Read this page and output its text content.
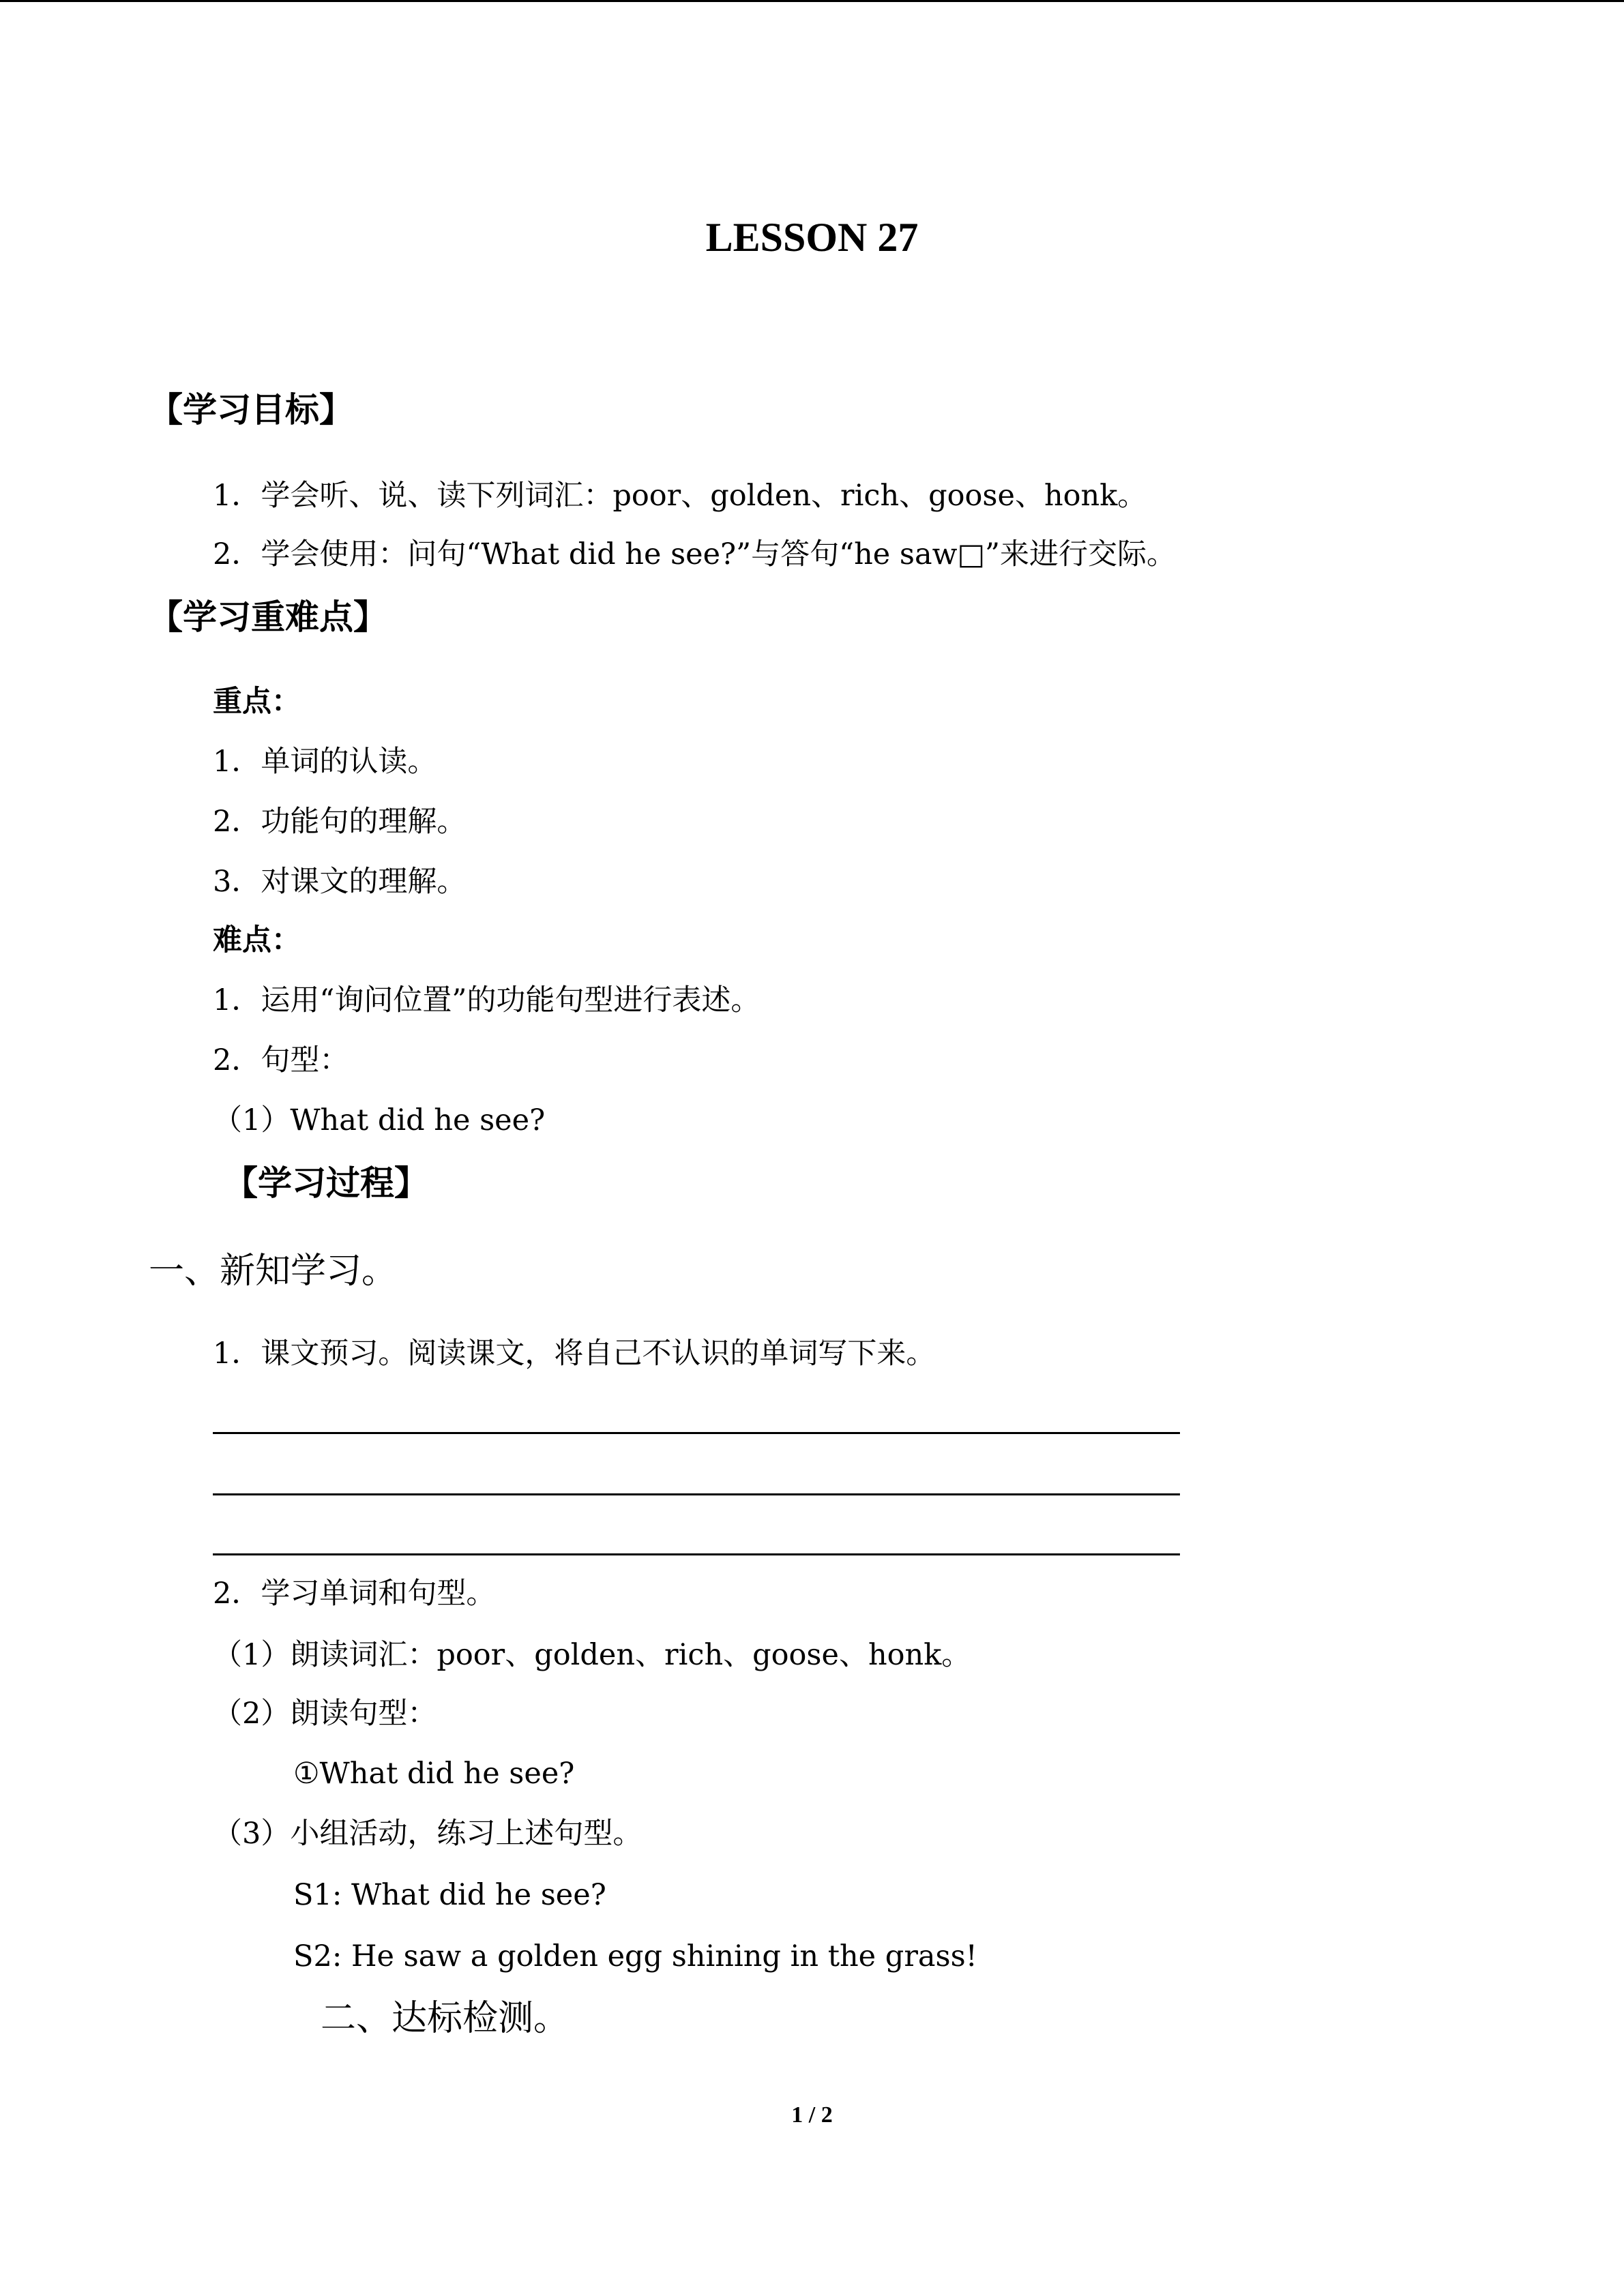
LESSON 27
【学习目标】
1．学会听、说、读下列词汇：poor、golden、rich、goose、honk。
2．学会使用：问句“What did he see?”与答句“he saw□”来进行交际。
【学习重难点】
重点：
1．单词的认读。
2．功能句的理解。
3．对课文的理解。
难点：
1．运用“询问位置”的功能句型进行表述。
2．句型：
（1）What did he see?
【学习过程】
一、新知学习。
1．课文预习。阅读课文，将自己不认识的单词写下来。
2．学习单词和句型。
（1）朗读词汇：poor、golden、rich、goose、honk。
（2）朗读句型：
①What did he see?
（3）小组活动，练习上述句型。
S1: What did he see?
S2: He saw a golden egg shining in the grass!
二、达标检测。
1 / 2
